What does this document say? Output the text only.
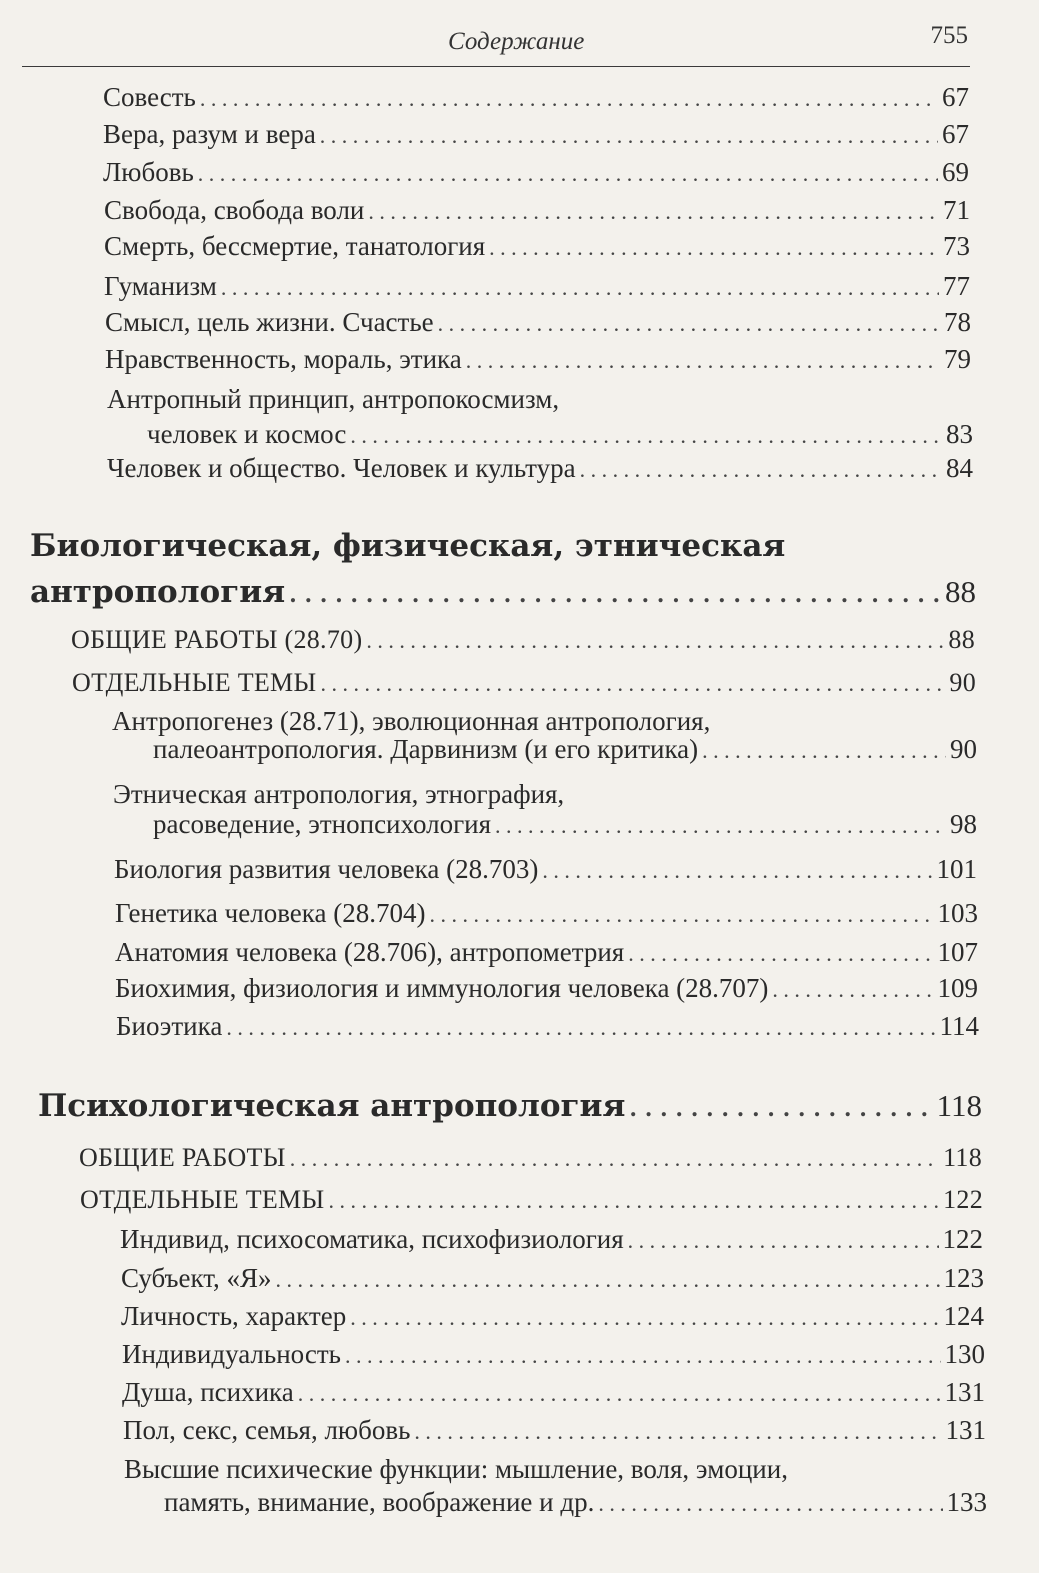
Содержание	755
Совесть . . .	67
Вера, разум и вера . . .	67
Любовь . . .	69
Свобода, свобода воли . . .	71
Смерть, бессмертие, танатология . . .	73
Гуманизм . . .	77
Смысл, цель жизни. Счастье . . .	78
Нравственность, мораль, этика . . .	79
Антропный принцип, антропокосмизм,
человек и космос . . .	83
Человек и общество. Человек и культура . . .	84
Биологическая, физическая, этническая
антропология . . .	88
ОБЩИЕ РАБОТЫ (28.70) . . .	88
ОТДЕЛЬНЫЕ ТЕМЫ . . .	90
Антропогенез (28.71), эволюционная антропология,
палеоантропология. Дарвинизм (и его критика) . . .	90
Этническая антропология, этнография,
расоведение, этнопсихология . . .	98
Биология развития человека (28.703) . . .	101
Генетика человека (28.704) . . .	103
Анатомия человека (28.706), антропометрия . . .	107
Биохимия, физиология и иммунология человека (28.707) . . .	109
Биоэтика . . .	114
Психологическая антропология . . .	118
ОБЩИЕ РАБОТЫ . . .	118
ОТДЕЛЬНЫЕ ТЕМЫ . . .	122
Индивид, психосоматика, психофизиология . . .	122
Субъект, «Я» . . .	123
Личность, характер . . .	124
Индивидуальность . . .	130
Душа, психика . . .	131
Пол, секс, семья, любовь . . .	131
Высшие психические функции: мышление, воля, эмоции,
память, внимание, воображение и др. . . .	133
